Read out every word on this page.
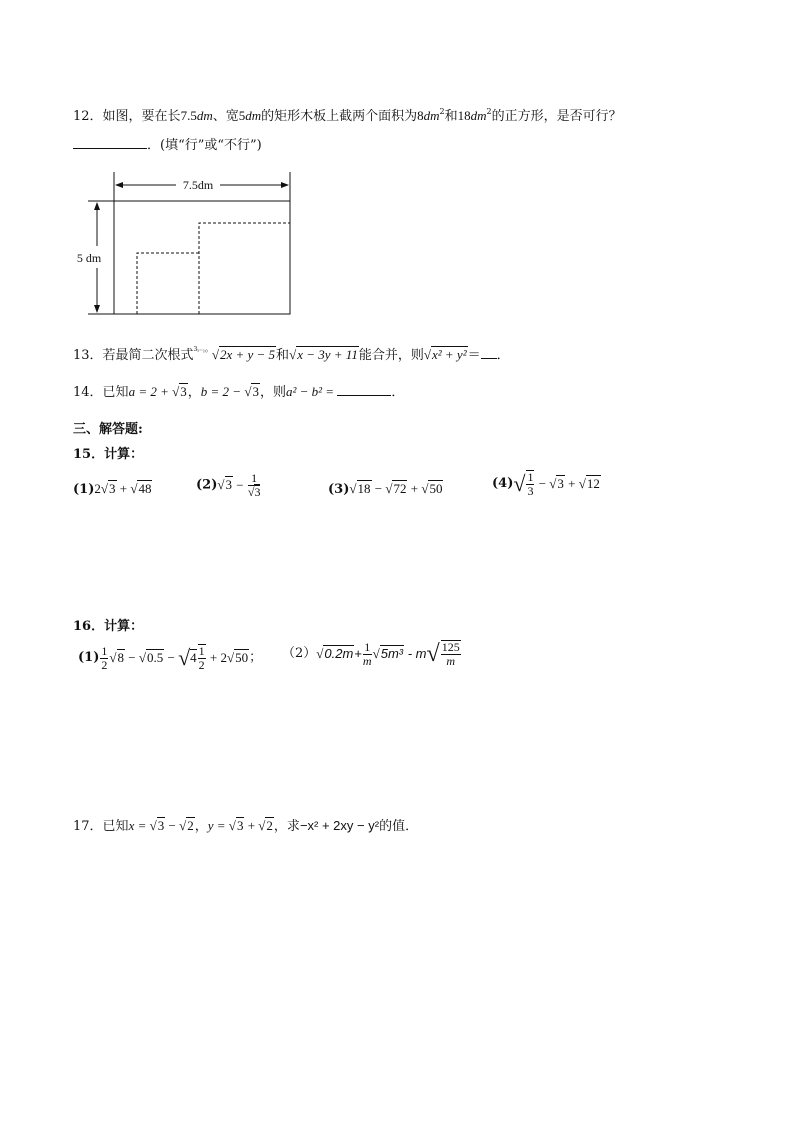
12．如图，要在长7.5dm、宽5dm的矩形木板上截两个面积为$8dm^2$和$18dm^2$的正方形，是否可行？
．(填“行”或“不行”)
7.5dm
5 dm
13．若最简二次根式$^{3_{x-10}}$ √2x + y − 5和√x − 3y + 11能合并，则√x² + y²＝ ．
14．已知a = 2 + √3，b = 2 − √3，则a² − b² =	．
三、解答题:
15．计算：
(1)2√3 + √48	$(2)√3 - \frac{1}{√3}$	(3)√18 − √72 + √50	$(4)√ \frac{1}{3} - √3 + √12$
16．计算：
$(1) \frac{1}{2} √8 - √0.5 - √4 \frac{1}{2} + 2√50$； $(2)√0.2m+ \frac{1}{m} √5m^3 - m√ \frac{125}{m}$
17．已知x = √3 − √2，y = √3 + √2，求−x² + 2xy − y²的值．
